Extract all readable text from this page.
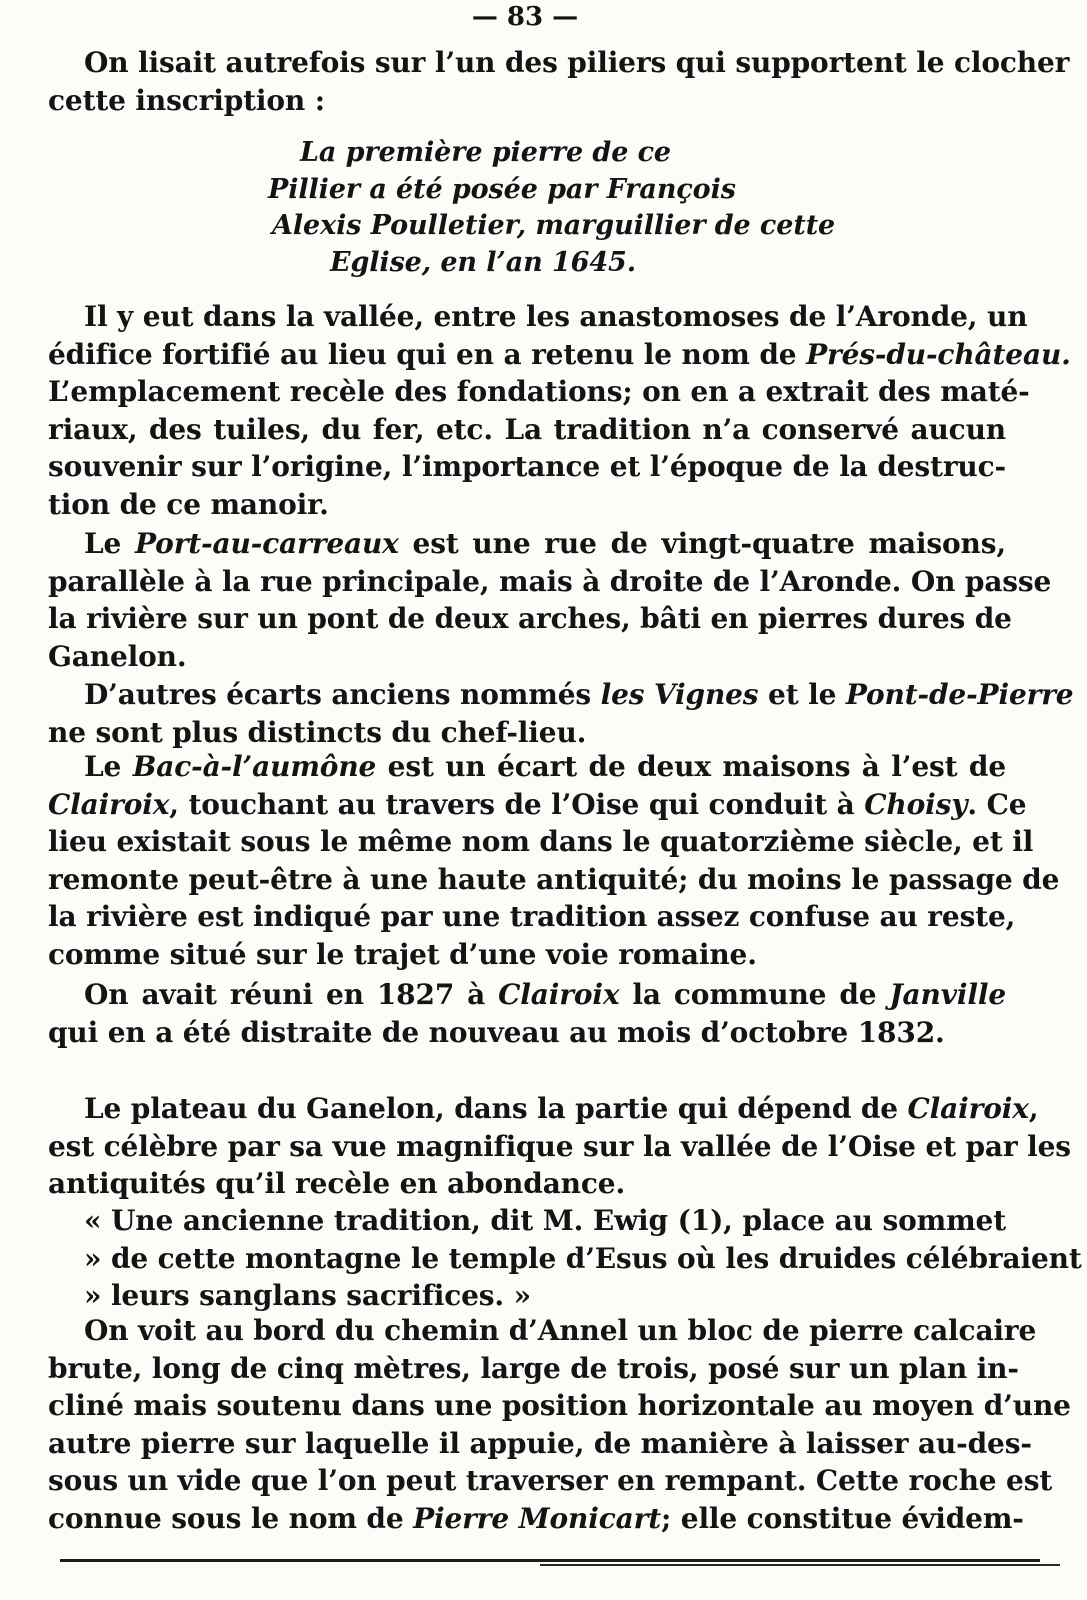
— 83 —
On lisait autrefois sur l’un des piliers qui supportent le clocher
cette inscription :
La première pierre de ce
Pillier a été posée par François
Alexis Poulletier, marguillier de cette
Eglise, en l’an 1645.
Il y eut dans la vallée, entre les anastomoses de l’Aronde, un
édifice fortifié au lieu qui en a retenu le nom de Prés-du-château.
L’emplacement recèle des fondations; on en a extrait des maté-
riaux, des tuiles, du fer, etc. La tradition n’a conservé aucun
souvenir sur l’origine, l’importance et l’époque de la destruc-
tion de ce manoir.
Le Port-au-carreaux est une rue de vingt-quatre maisons,
parallèle à la rue principale, mais à droite de l’Aronde. On passe
la rivière sur un pont de deux arches, bâti en pierres dures de
Ganelon.
D’autres écarts anciens nommés les Vignes et le Pont-de-Pierre
ne sont plus distincts du chef-lieu.
Le Bac-à-l’aumône est un écart de deux maisons à l’est de
Clairoix, touchant au travers de l’Oise qui conduit à Choisy. Ce
lieu existait sous le même nom dans le quatorzième siècle, et il
remonte peut-être à une haute antiquité; du moins le passage de
la rivière est indiqué par une tradition assez confuse au reste,
comme situé sur le trajet d’une voie romaine.
On avait réuni en 1827 à Clairoix la commune de Janville
qui en a été distraite de nouveau au mois d’octobre 1832.
Le plateau du Ganelon, dans la partie qui dépend de Clairoix,
est célèbre par sa vue magnifique sur la vallée de l’Oise et par les
antiquités qu’il recèle en abondance.
« Une ancienne tradition, dit M. Ewig (1), place au sommet
» de cette montagne le temple d’Esus où les druides célébraient
» leurs sanglans sacrifices. »
On voit au bord du chemin d’Annel un bloc de pierre calcaire
brute, long de cinq mètres, large de trois, posé sur un plan in-
cliné mais soutenu dans une position horizontale au moyen d’une
autre pierre sur laquelle il appuie, de manière à laisser au-des-
sous un vide que l’on peut traverser en rempant. Cette roche est
connue sous le nom de Pierre Monicart; elle constitue évidem-
